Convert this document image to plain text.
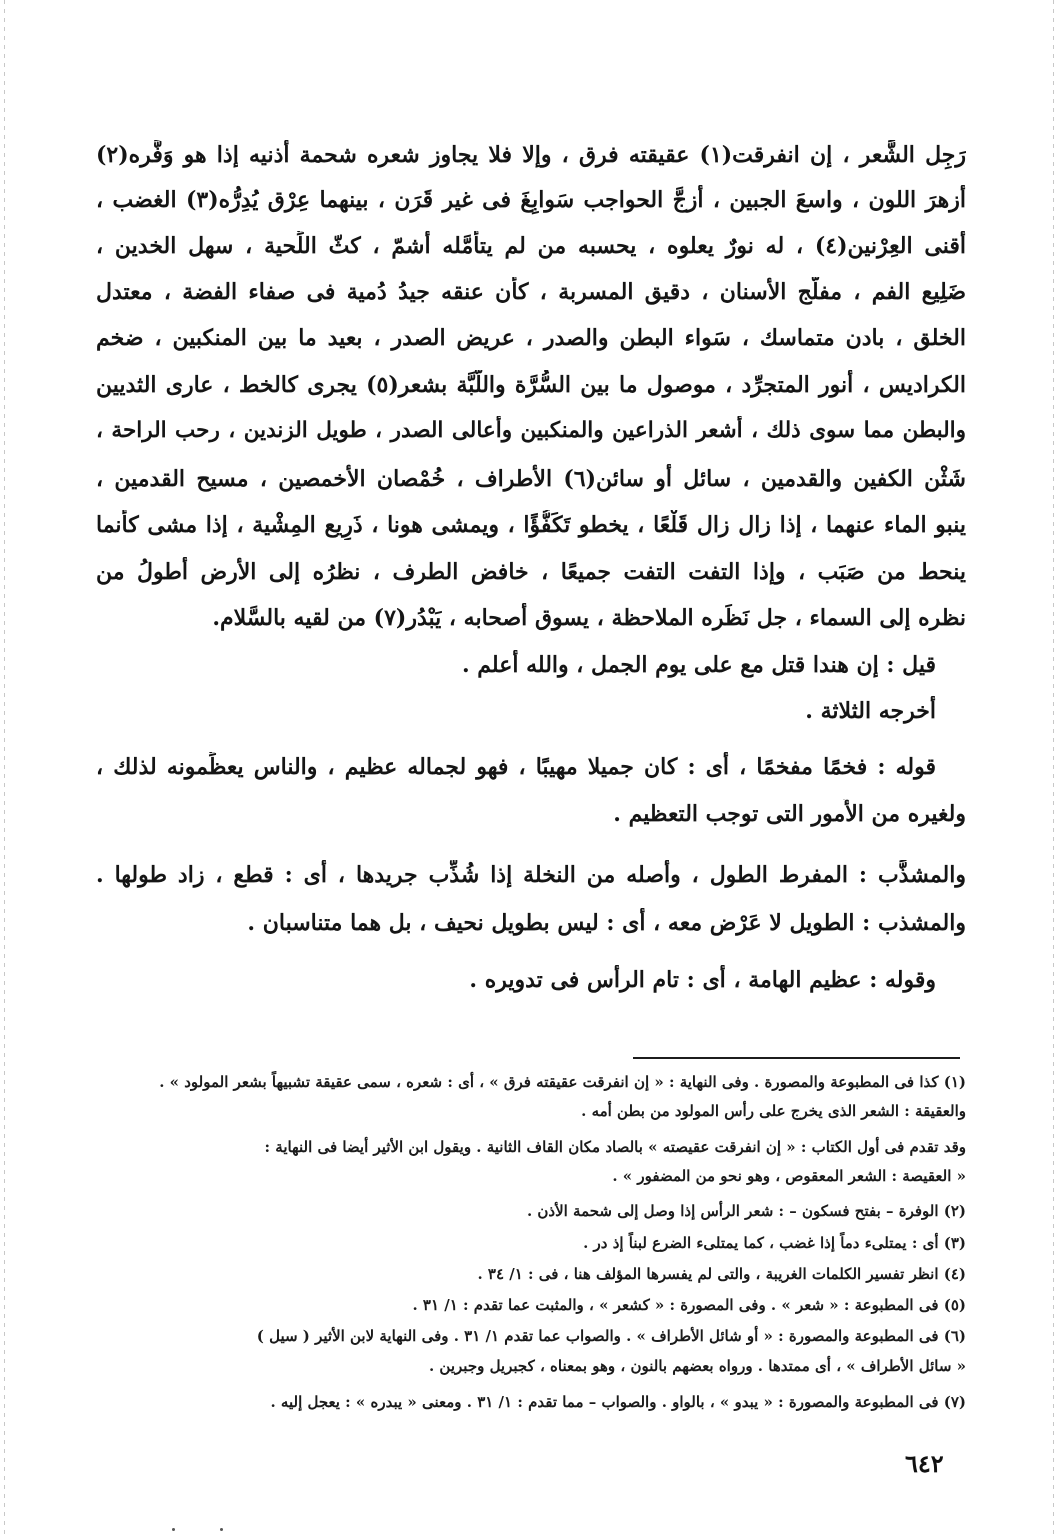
رَجِل الشَّعر ، إن انفرقت(١) عقيقته فرق ، وإلا فلا يجاوز شعره شحمة أُذنيه إذا هو وَفَّره(٢)
أزهرَ اللون ، واسعَ الجبين ، أزجَّ الحواجب سَوابِغَ فى غير قَرَن ، بينهما عِرْق يُدِرُّه(٣) الغضب ،
أقنى العِرْنين(٤) ، له نورٌ يعلوه ، يحسبه من لم يتأمَّله أشمّ ، كثّ اللِّحية ، سهل الخدين ،
ضَلِيع الفم ، مفلَّج الأسنان ، دقيق المسربة ، كأن عنقه جيدُ دُمية فى صفاء الفضة ، معتدل
الخلق ، بادن متماسك ، سَواء البطن والصدر ، عريض الصدر ، بعيد ما بين المنكبين ، ضخم
الكراديس ، أنور المتجرِّد ، موصول ما بين السُّرَّة واللَّبَّة بشعر(٥) يجرى كالخط ، عارى الثديين
والبطن مما سوى ذلك ، أشعر الذراعين والمنكبين وأعالى الصدر ، طويل الزندين ، رحب الراحة ،
شَثْن الكفين والقدمين ، سائل أو سائن(٦) الأطراف ، خُمْصان الأخمصين ، مسيح القدمين ،
ينبو الماء عنهما ، إذا زال زال قَلْعًا ، يخطو تَكَفُّؤًا ، ويمشى هونا ، ذَرِيع المِشْية ، إذا مشى كأنما
ينحط من صَبَب ، وإذا التفت التفت جميعًا ، خافض الطرف ، نظرُه إلى الأرض أطولُ من
نظره إلى السماء ، جل نَظَره الملاحظة ، يسوق أصحابه ، يَبْدُر(٧) من لقيه بالسَّلام.
قيل : إن هندا قتل مع على يوم الجمل ، والله أعلم .
أخرجه الثلاثة .
قوله : فخمًا مفخمًا ، أى : كان جميلا مهيبًا ، فهو لجماله عظيم ، والناس يعظِّمونه لذلك ،
ولغيره من الأُمور التى توجب التعظيم .
والمشذَّب : المفرط الطول ، وأصله من النخلة إذا شُذِّب جريدها ، أى : قطع ، زاد طولها .
والمشذب : الطويل لا عَرْض معه ، أى : ليس بطويل نحيف ، بل هما متناسبان .
وقوله : عظيم الهامة ، أى : تام الرأس فى تدويره .
(١) كذا فى المطبوعة والمصورة . وفى النهاية : « إن انفرقت عقيقته فرق » ، أى : شعره ، سمى عقيقة تشبيهاً بشعر المولود » .
والعقيقة : الشعر الذى يخرج على رأس المولود من بطن أمه .
وقد تقدم فى أول الكتاب : « إن انفرقت عقيصته » بالصاد مكان القاف الثانية . ويقول ابن الأثير أيضا فى النهاية :
« العقيصة : الشعر المعقوص ، وهو نحو من المضفور » .
(٢) الوفرة – بفتح فسكون – : شعر الرأس إذا وصل إلى شحمة الأذن .
(٣) أى : يمتلىء دماً إذا غضب ، كما يمتلىء الضرع لبناً إذ در .
(٤) انظر تفسير الكلمات الغريبة ، والتى لم يفسرها المؤلف هنا ، فى : ١/ ٣٤ .
(٥) فى المطبوعة : « شعر » . وفى المصورة : « كشعر » ، والمثبت عما تقدم : ١/ ٣١ .
(٦) فى المطبوعة والمصورة : « أو شائل الأطراف » . والصواب عما تقدم ١/ ٣١ . وفى النهاية لابن الأثير ( سيل )
« سائل الأطراف » ، أى ممتدها . ورواه بعضهم بالنون ، وهو بمعناه ، كجبريل وجبرين .
(٧) فى المطبوعة والمصورة : « يبدو » ، بالواو . والصواب – مما تقدم : ١/ ٣١ . ومعنى « يبدره » : يعجل إليه .
٦٤٢
